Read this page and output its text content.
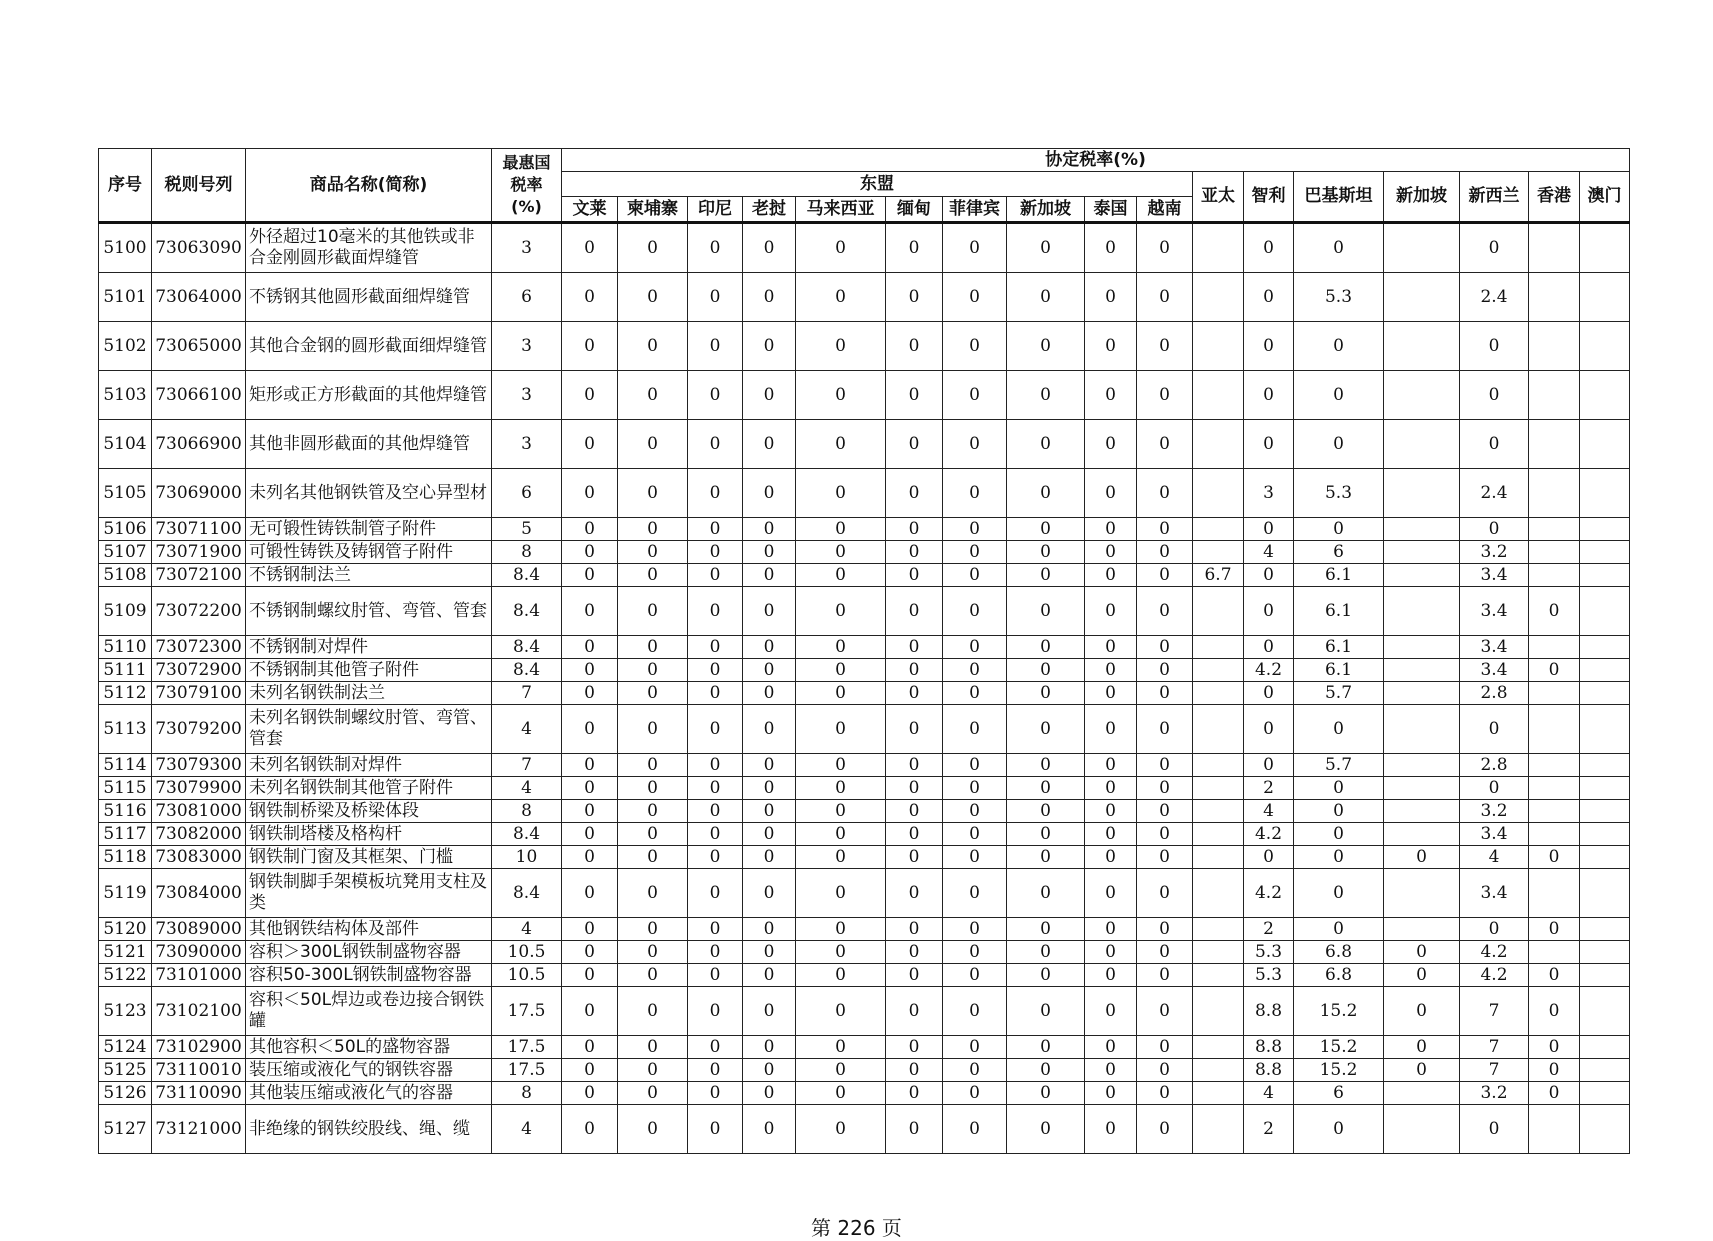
序号	税则号列	商品名称(简称)	最惠国
税率
(%)	协定税率(%)																
				东盟										亚太	智利	巴基斯坦	新加坡	新西兰	香港	澳门
				文莱	柬埔寨	印尼	老挝	马来西亚	缅甸	菲律宾	新加坡	泰国	越南							
5100	73063090	外径超过10毫米的其他铁或非合金刚圆形截面焊缝管	3	0	0	0	0	0	0	0	0	0	0		0	0		0		
5101	73064000	不锈钢其他圆形截面细焊缝管	6	0	0	0	0	0	0	0	0	0	0		0	5.3		2.4		
5102	73065000	其他合金钢的圆形截面细焊缝管	3	0	0	0	0	0	0	0	0	0	0		0	0		0		
5103	73066100	矩形或正方形截面的其他焊缝管	3	0	0	0	0	0	0	0	0	0	0		0	0		0		
5104	73066900	其他非圆形截面的其他焊缝管	3	0	0	0	0	0	0	0	0	0	0		0	0		0		
5105	73069000	未列名其他钢铁管及空心异型材	6	0	0	0	0	0	0	0	0	0	0		3	5.3		2.4		
5106	73071100	无可锻性铸铁制管子附件	5	0	0	0	0	0	0	0	0	0	0		0	0		0		
5107	73071900	可锻性铸铁及铸钢管子附件	8	0	0	0	0	0	0	0	0	0	0		4	6		3.2		
5108	73072100	不锈钢制法兰	8.4	0	0	0	0	0	0	0	0	0	0	6.7	0	6.1		3.4		
5109	73072200	不锈钢制螺纹肘管、弯管、管套	8.4	0	0	0	0	0	0	0	0	0	0		0	6.1		3.4	0	
5110	73072300	不锈钢制对焊件	8.4	0	0	0	0	0	0	0	0	0	0		0	6.1		3.4		
5111	73072900	不锈钢制其他管子附件	8.4	0	0	0	0	0	0	0	0	0	0		4.2	6.1		3.4	0	
5112	73079100	未列名钢铁制法兰	7	0	0	0	0	0	0	0	0	0	0		0	5.7		2.8		
5113	73079200	未列名钢铁制螺纹肘管、弯管、管套	4	0	0	0	0	0	0	0	0	0	0		0	0		0		
5114	73079300	未列名钢铁制对焊件	7	0	0	0	0	0	0	0	0	0	0		0	5.7		2.8		
5115	73079900	未列名钢铁制其他管子附件	4	0	0	0	0	0	0	0	0	0	0		2	0		0		
5116	73081000	钢铁制桥梁及桥梁体段	8	0	0	0	0	0	0	0	0	0	0		4	0		3.2		
5117	73082000	钢铁制塔楼及格构杆	8.4	0	0	0	0	0	0	0	0	0	0		4.2	0		3.4		
5118	73083000	钢铁制门窗及其框架、门槛	10	0	0	0	0	0	0	0	0	0	0		0	0	0	4	0	
5119	73084000	钢铁制脚手架模板坑凳用支柱及类	8.4	0	0	0	0	0	0	0	0	0	0		4.2	0		3.4		
5120	73089000	其他钢铁结构体及部件	4	0	0	0	0	0	0	0	0	0	0		2	0		0	0	
5121	73090000	容积＞300L钢铁制盛物容器	10.5	0	0	0	0	0	0	0	0	0	0		5.3	6.8	0	4.2		
5122	73101000	容积50-300L钢铁制盛物容器	10.5	0	0	0	0	0	0	0	0	0	0		5.3	6.8	0	4.2	0	
5123	73102100	容积＜50L焊边或卷边接合钢铁罐	17.5	0	0	0	0	0	0	0	0	0	0		8.8	15.2	0	7	0	
5124	73102900	其他容积＜50L的盛物容器	17.5	0	0	0	0	0	0	0	0	0	0		8.8	15.2	0	7	0	
5125	73110010	装压缩或液化气的钢铁容器	17.5	0	0	0	0	0	0	0	0	0	0		8.8	15.2	0	7	0	
5126	73110090	其他装压缩或液化气的容器	8	0	0	0	0	0	0	0	0	0	0		4	6		3.2	0	
5127	73121000	非绝缘的钢铁绞股线、绳、缆	4	0	0	0	0	0	0	0	0	0	0		2	0		0		
第 226 页
